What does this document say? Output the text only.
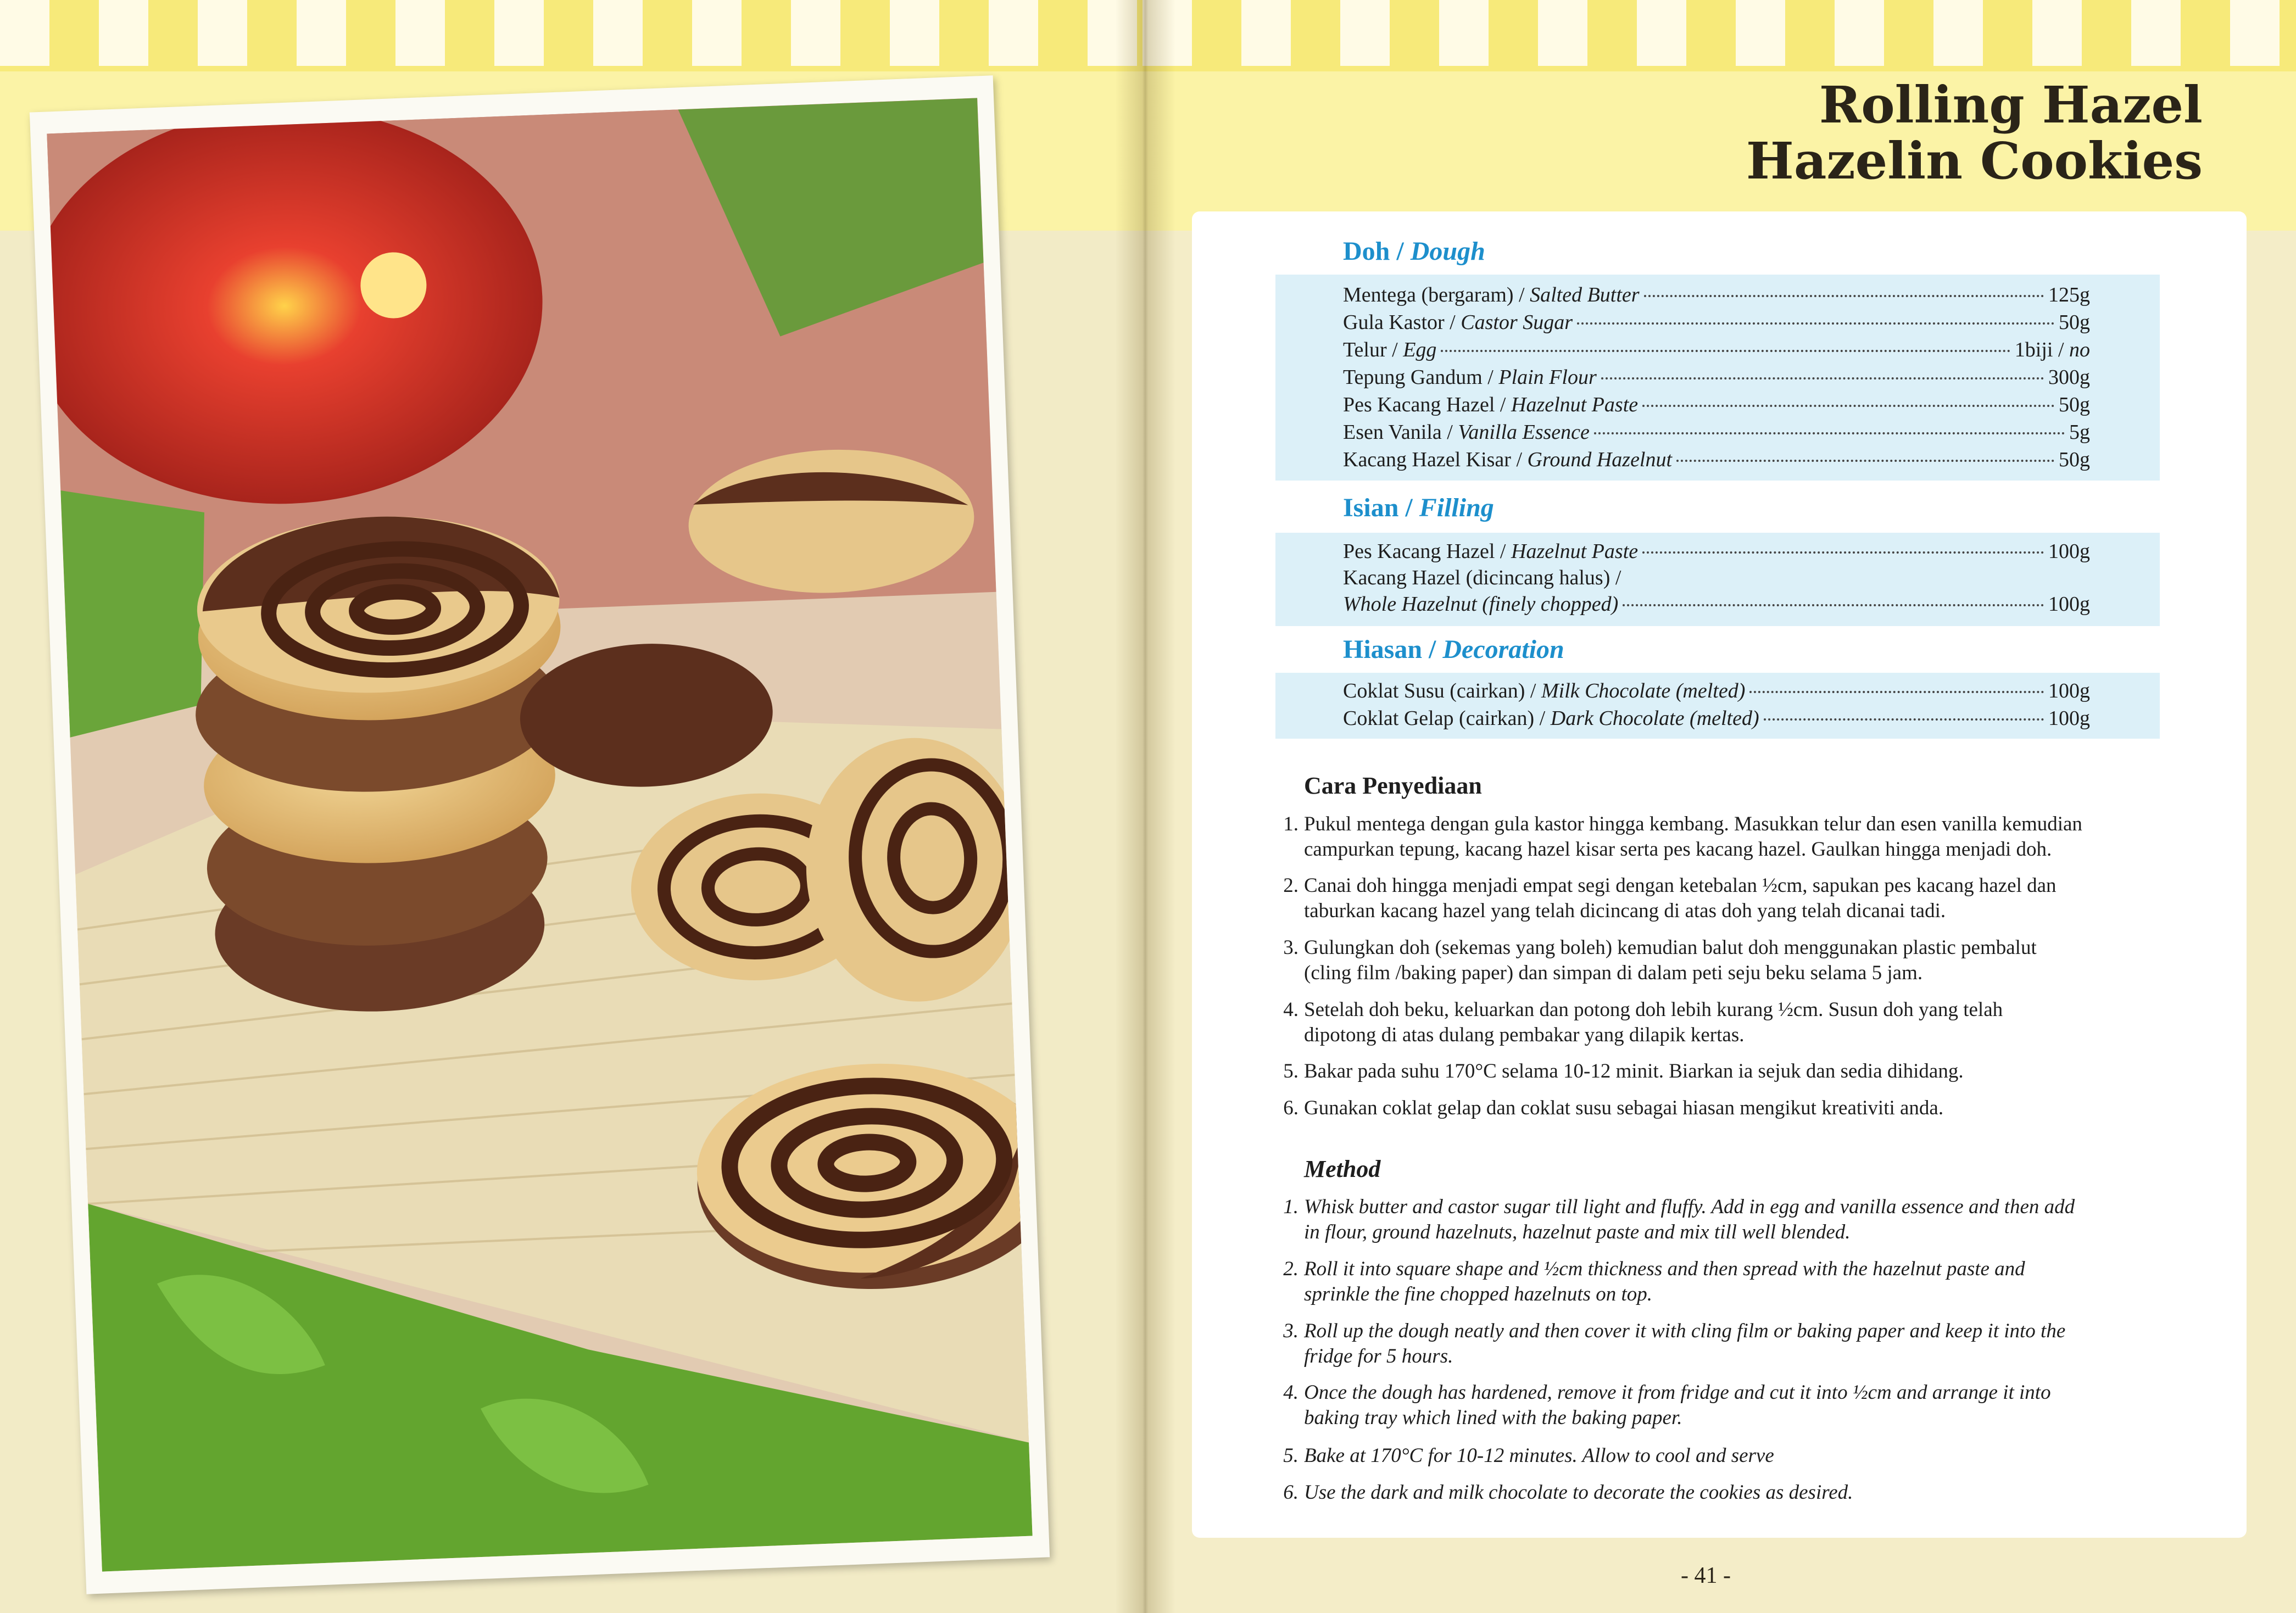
Rolling Hazel
Hazelin Cookies
Doh / Dough
Mentega (bergaram) / Salted Butter	125g
Gula Kastor / Castor Sugar	50g
Telur / Egg	1biji / no
Tepung Gandum / Plain Flour	300g
Pes Kacang Hazel / Hazelnut Paste	50g
Esen Vanila / Vanilla Essence	5g
Kacang Hazel Kisar / Ground Hazelnut	50g
Isian / Filling
Pes Kacang Hazel / Hazelnut Paste	100g
Kacang Hazel (dicincang halus) /
Whole Hazelnut (finely chopped)	100g
Hiasan / Decoration
Coklat Susu (cairkan) / Milk Chocolate (melted)	100g
Coklat Gelap (cairkan) / Dark Chocolate (melted)	100g
Cara Penyediaan
1. Pukul mentega dengan gula kastor hingga kembang. Masukkan telur dan esen vanilla kemudian
campurkan tepung, kacang hazel kisar serta pes kacang hazel. Gaulkan hingga menjadi doh.
2. Canai doh hingga menjadi empat segi dengan ketebalan ½cm, sapukan pes kacang hazel dan
taburkan kacang hazel yang telah dicincang di atas doh yang telah dicanai tadi.
3. Gulungkan doh (sekemas yang boleh) kemudian balut doh menggunakan plastic pembalut
(cling film /baking paper) dan simpan di dalam peti seju beku selama 5 jam.
4. Setelah doh beku, keluarkan dan potong doh lebih kurang ½cm. Susun doh yang telah
dipotong di atas dulang pembakar yang dilapik kertas.
5. Bakar pada suhu 170°C selama 10-12 minit. Biarkan ia sejuk dan sedia dihidang.
6. Gunakan coklat gelap dan coklat susu sebagai hiasan mengikut kreativiti anda.
Method
1. Whisk butter and castor sugar till light and fluffy. Add in egg and vanilla essence and then add
in flour, ground hazelnuts, hazelnut paste and mix till well blended.
2. Roll it into square shape and ½cm thickness and then spread with the hazelnut paste and
sprinkle the fine chopped hazelnuts on top.
3. Roll up the dough neatly and then cover it with cling film or baking paper and keep it into the
fridge for 5 hours.
4. Once the dough has hardened, remove it from fridge and cut it into ½cm and arrange it into
baking tray which lined with the baking paper.
5. Bake at 170°C for 10-12 minutes. Allow to cool and serve
6. Use the dark and milk chocolate to decorate the cookies as desired.
- 41 -
